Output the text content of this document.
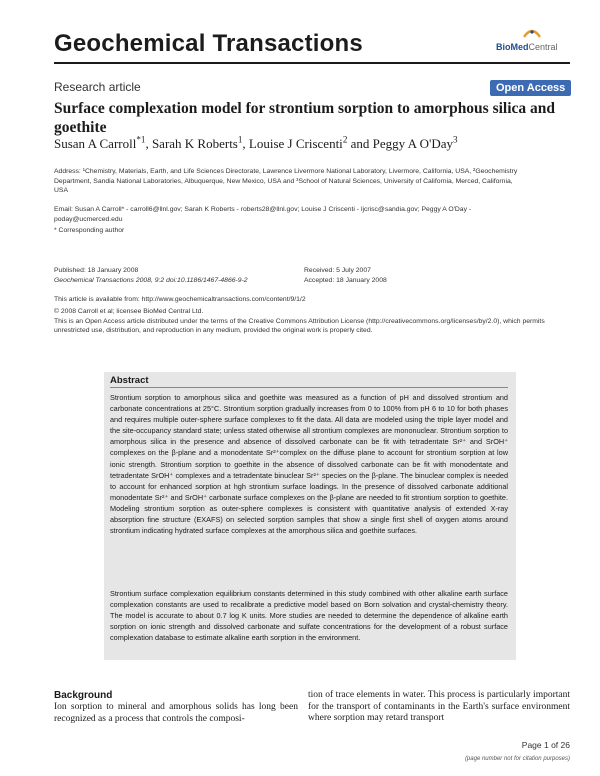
Geochemical Transactions	BioMedCentral
Research article	Open Access
Surface complexation model for strontium sorption to amorphous silica and goethite
Susan A Carroll$^{*1}$, Sarah K Roberts$^1$, Louise J Criscenti$^2$ and Peggy A O'Day$^3$
Address: ¹Chemistry, Materials, Earth, and Life Sciences Directorate, Lawrence Livermore National Laboratory, Livermore, California, USA, ²Geochemistry Department, Sandia National Laboratories, Albuquerque, New Mexico, USA and ³School of Natural Sciences, University of California, Merced, California, USA
Email: Susan A Carroll* - carroll6@llnl.gov; Sarah K Roberts - roberts28@llnl.gov; Louise J Criscenti - ljcrisc@sandia.gov; Peggy A O'Day - poday@ucmerced.edu
* Corresponding author
Published: 18 January 2008	Received: 5 July 2007
Geochemical Transactions 2008, 9:2 doi:10.1186/1467-4866-9-2	Accepted: 18 January 2008
This article is available from: http://www.geochemicaltransactions.com/content/9/1/2
© 2008 Carroll et al; licensee BioMed Central Ltd.
This is an Open Access article distributed under the terms of the Creative Commons Attribution License (http://creativecommons.org/licenses/by/2.0), which permits unrestricted use, distribution, and reproduction in any medium, provided the original work is properly cited.
Abstract

Strontium sorption to amorphous silica and goethite was measured as a function of pH and dissolved strontium and carbonate concentrations at 25°C. Strontium sorption gradually increases from 0 to 100% from pH 6 to 10 for both phases and requires multiple outer-sphere surface complexes to fit the data. All data are modeled using the triple layer model and the site-occupancy standard state; unless stated otherwise all strontium complexes are mononuclear. Strontium sorption to amorphous silica in the presence and absence of dissolved carbonate can be fit with tetradentate Sr²⁺ and SrOH⁺ complexes on the β-plane and a monodentate Sr²⁺complex on the diffuse plane to account for strontium sorption at low ionic strength. Strontium sorption to goethite in the absence of dissolved carbonate can be fit with monodentate and tetradentate SrOH⁺ complexes and a tetradentate binuclear Sr²⁺ species on the β-plane. The binuclear complex is needed to account for enhanced sorption at hgh strontium surface loadings. In the presence of dissolved carbonate additional monodentate Sr²⁺ and SrOH⁺ carbonate surface complexes on the β-plane are needed to fit strontium sorption to goethite. Modeling strontium sorption as outer-sphere complexes is consistent with quantitative analysis of extended X-ray absorption fine structure (EXAFS) on selected sorption samples that show a single first shell of oxygen atoms around strontium indicating hydrated surface complexes at the amorphous silica and goethite surfaces.

Strontium surface complexation equilibrium constants determined in this study combined with other alkaline earth surface complexation constants are used to recalibrate a predictive model based on Born solvation and crystal-chemistry theory. The model is accurate to about 0.7 log K units. More studies are needed to determine the dependence of alkaline earth sorption on ionic strength and dissolved carbonate and sulfate concentrations for the development of a robust surface complexation database to estimate alkaline earth sorption in the environment.

Background

Ion sorption to mineral and amorphous solids has long been recognized as a process that controls the composi-

tion of trace elements in water. This process is particularly important for the transport of contaminants in the Earth's surface environment where sorption may retard transport

Page 1 of 26
(page number not for citation purposes)
